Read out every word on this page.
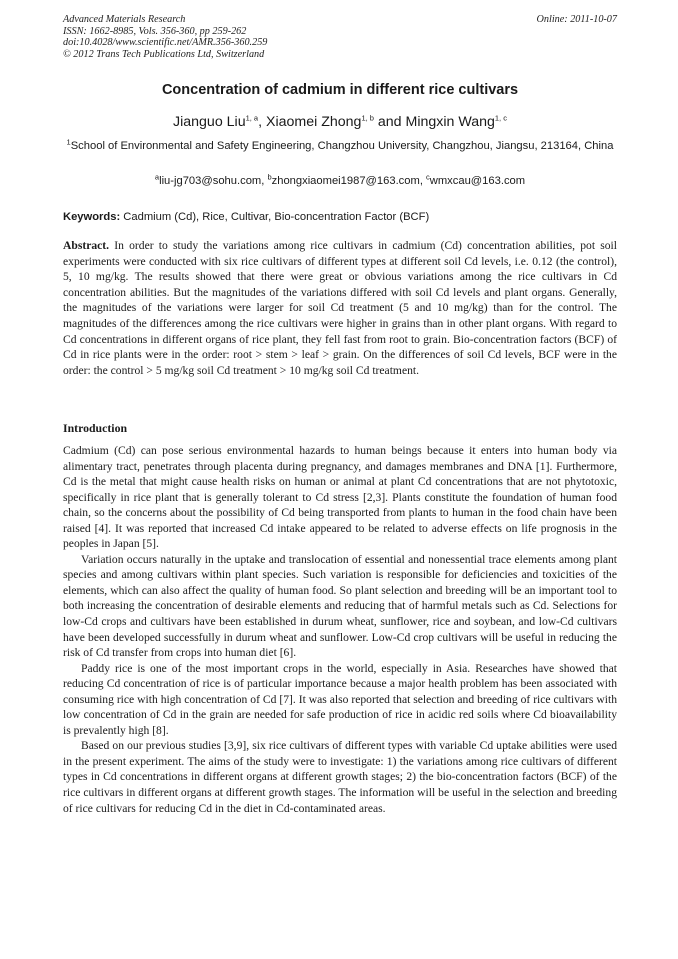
Advanced Materials Research
ISSN: 1662-8985, Vols. 356-360, pp 259-262
doi:10.4028/www.scientific.net/AMR.356-360.259
© 2012 Trans Tech Publications Ltd, Switzerland
Online: 2011-10-07
Concentration of cadmium in different rice cultivars
Jianguo Liu$^{1, a}$, Xiaomei Zhong$^{1, b}$ and Mingxin Wang$^{1, c}$
$^1$School of Environmental and Safety Engineering, Changzhou University, Changzhou, Jiangsu, 213164, China
$^a$liu-jg703@sohu.com, $^b$zhongxiaomei1987@163.com, $^c$wmxcau@163.com
Keywords: Cadmium (Cd), Rice, Cultivar, Bio-concentration Factor (BCF)

Abstract. In order to study the variations among rice cultivars in cadmium (Cd) concentration abilities, pot soil experiments were conducted with six rice cultivars of different types at different soil Cd levels, i.e. 0.12 (the control), 5, 10 mg/kg. The results showed that there were great or obvious variations among the rice cultivars in Cd concentration abilities. But the magnitudes of the variations differed with soil Cd levels and plant organs. Generally, the magnitudes of the variations were larger for soil Cd treatment (5 and 10 mg/kg) than for the control. The magnitudes of the differences among the rice cultivars were higher in grains than in other plant organs. With regard to Cd concentrations in different organs of rice plant, they fell fast from root to grain. Bio-concentration factors (BCF) of Cd in rice plants were in the order: root > stem > leaf > grain. On the differences of soil Cd levels, BCF were in the order: the control > 5 mg/kg soil Cd treatment > 10 mg/kg soil Cd treatment.

Introduction

Cadmium (Cd) can pose serious environmental hazards to human beings because it enters into human body via alimentary tract, penetrates through placenta during pregnancy, and damages membranes and DNA [1]. Furthermore, Cd is the metal that might cause health risks on human or animal at plant Cd concentrations that are not phytotoxic, specifically in rice plant that is generally tolerant to Cd stress [2,3]. Plants constitute the foundation of human food chain, so the concerns about the possibility of Cd being transported from plants to human in the food chain have been raised [4]. It was reported that increased Cd intake appeared to be related to adverse effects on life prognosis in the peoples in Japan [5].

Variation occurs naturally in the uptake and translocation of essential and nonessential trace elements among plant species and among cultivars within plant species. Such variation is responsible for deficiencies and toxicities of the elements, which can also affect the quality of human food. So plant selection and breeding will be an important tool to both increasing the concentration of desirable elements and reducing that of harmful metals such as Cd. Selections for low-Cd crops and cultivars have been established in durum wheat, sunflower, rice and soybean, and low-Cd cultivars have been developed successfully in durum wheat and sunflower. Low-Cd crop cultivars will be useful in reducing the risk of Cd transfer from crops into human diet [6].

Paddy rice is one of the most important crops in the world, especially in Asia. Researches have showed that reducing Cd concentration of rice is of particular importance because a major health problem has been associated with consuming rice with high concentration of Cd [7]. It was also reported that selection and breeding of rice cultivars with low concentration of Cd in the grain are needed for safe production of rice in acidic red soils where Cd bioavailability is prevalently high [8].

Based on our previous studies [3,9], six rice cultivars of different types with variable Cd uptake abilities were used in the present experiment. The aims of the study were to investigate: 1) the variations among rice cultivars of different types in Cd concentrations in different organs at different growth stages; 2) the bio-concentration factors (BCF) of the rice cultivars in different organs at different growth stages. The information will be useful in the selection and breeding of rice cultivars for reducing Cd in the diet in Cd-contaminated areas.
